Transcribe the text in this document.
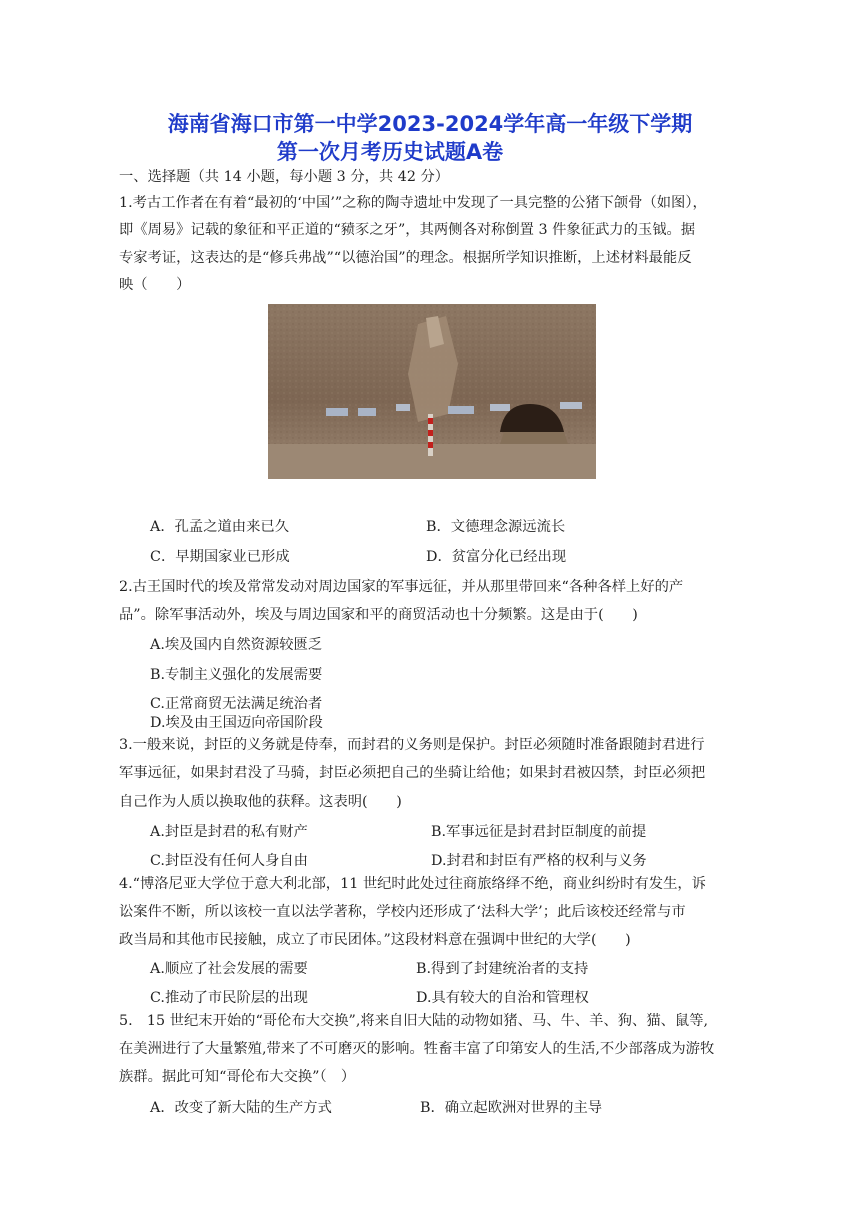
海南省海口市第一中学2023-2024学年高一年级下学期
第一次月考历史试题A卷
一、选择题（共 14 小题，每小题 3 分，共 42 分）
1.考古工作者在有着“最初的‘中国’”之称的陶寺遗址中发现了一具完整的公猪下颌骨（如图），
即《周易》记载的象征和平正道的“豮豕之牙”，其两侧各对称倒置 3 件象征武力的玉钺。据
专家考证，这表达的是“修兵弗战”“以德治国”的理念。根据所学知识推断，上述材料最能反
映（　　）
A．孔孟之道由来已久	B．文德理念源远流长
C．早期国家业已形成	D．贫富分化已经出现
2.古王国时代的埃及常常发动对周边国家的军事远征，并从那里带回来“各种各样上好的产
品”。除军事活动外，埃及与周边国家和平的商贸活动也十分频繁。这是由于(　　)
A.埃及国内自然资源较匮乏
B.专制主义强化的发展需要
C.正常商贸无法满足统治者
D.埃及由王国迈向帝国阶段
3.一般来说，封臣的义务就是侍奉，而封君的义务则是保护。封臣必须随时准备跟随封君进行
军事远征，如果封君没了马骑，封臣必须把自己的坐骑让给他；如果封君被囚禁，封臣必须把
自己作为人质以换取他的获释。这表明(　　)
A.封臣是封君的私有财产	B.军事远征是封君封臣制度的前提
C.封臣没有任何人身自由	D.封君和封臣有严格的权利与义务
4.“博洛尼亚大学位于意大利北部，11 世纪时此处过往商旅络绎不绝，商业纠纷时有发生，诉
讼案件不断，所以该校一直以法学著称，学校内还形成了‘法科大学’；此后该校还经常与市
政当局和其他市民接触，成立了市民团体。”这段材料意在强调中世纪的大学(　　)
A.顺应了社会发展的需要	B.得到了封建统治者的支持
C.推动了市民阶层的出现	D.具有较大的自治和管理权
5.　15 世纪末开始的“哥伦布大交换”,将来自旧大陆的动物如猪、马、牛、羊、狗、猫、鼠等,
在美洲进行了大量繁殖,带来了不可磨灭的影响。牲畜丰富了印第安人的生活,不少部落成为游牧
族群。据此可知“哥伦布大交换”（　）
A．改变了新大陆的生产方式	B．确立起欧洲对世界的主导
